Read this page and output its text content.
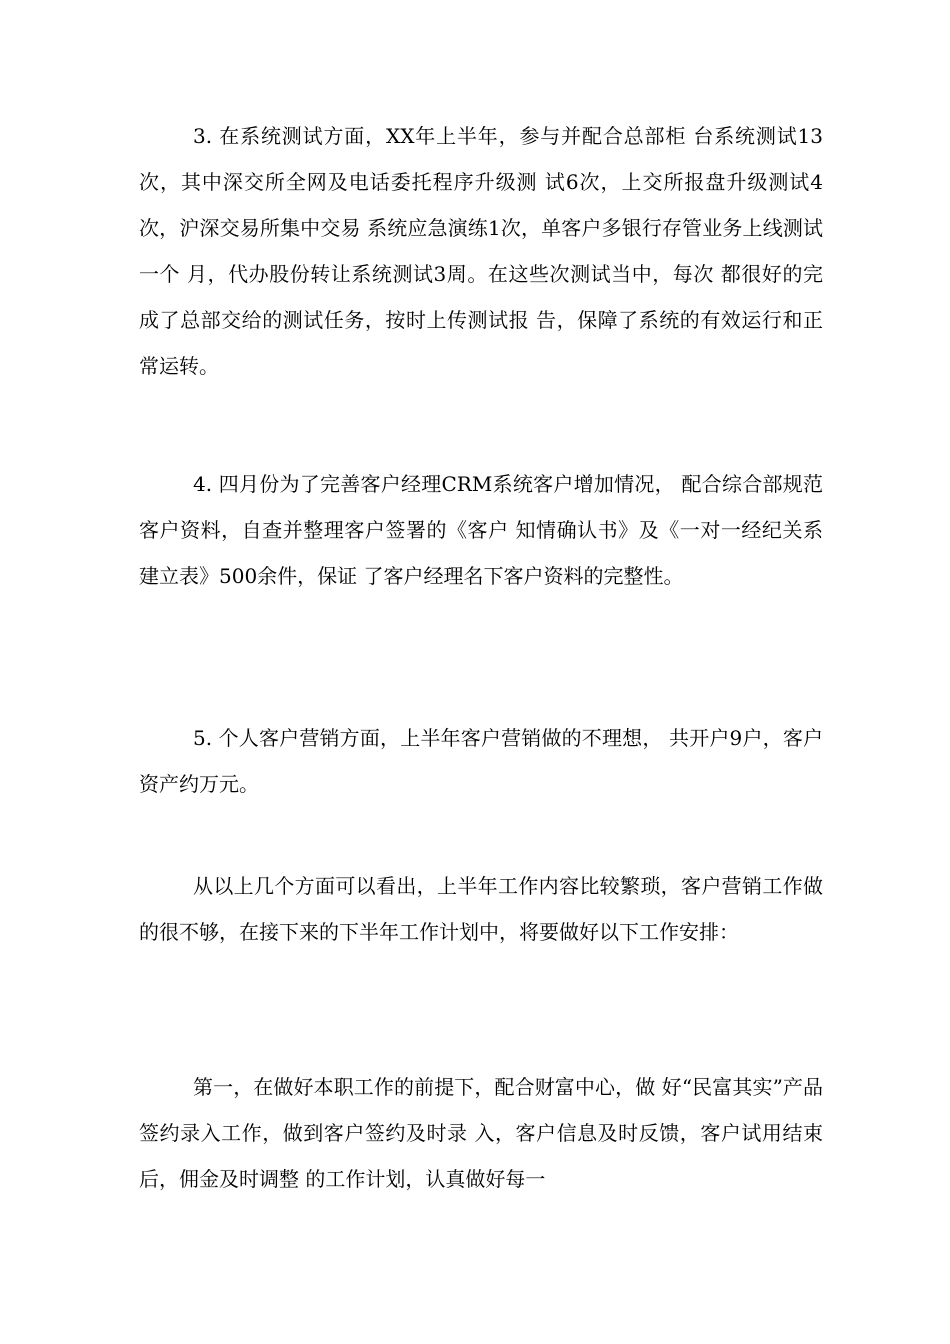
3. 在系统测试方面，XX年上半年，参与并配合总部柜 台系统测试13次，其中深交所全网及电话委托程序升级测 试6次，上交所报盘升级测试4次，沪深交易所集中交易 系统应急演练1次，单客户多银行存管业务上线测试一个 月，代办股份转让系统测试3周。在这些次测试当中，每次 都很好的完成了总部交给的测试任务，按时上传测试报 告，保障了系统的有效运行和正常运转。

4. 四月份为了完善客户经理CRM系统客户增加情况， 配合综合部规范客户资料，自查并整理客户签署的《客户 知情确认书》及《一对一经纪关系建立表》500余件，保证 了客户经理名下客户资料的完整性。

5. 个人客户营销方面，上半年客户营销做的不理想， 共开户9户，客户资产约万元。

从以上几个方面可以看出，上半年工作内容比较繁琐，客户营销工作做的很不够，在接下来的下半年工作计划中，将要做好以下工作安排：

第一，在做好本职工作的前提下，配合财富中心，做 好“民富其实”产品签约录入工作，做到客户签约及时录 入，客户信息及时反馈，客户试用结束后，佣金及时调整 的工作计划，认真做好每一
